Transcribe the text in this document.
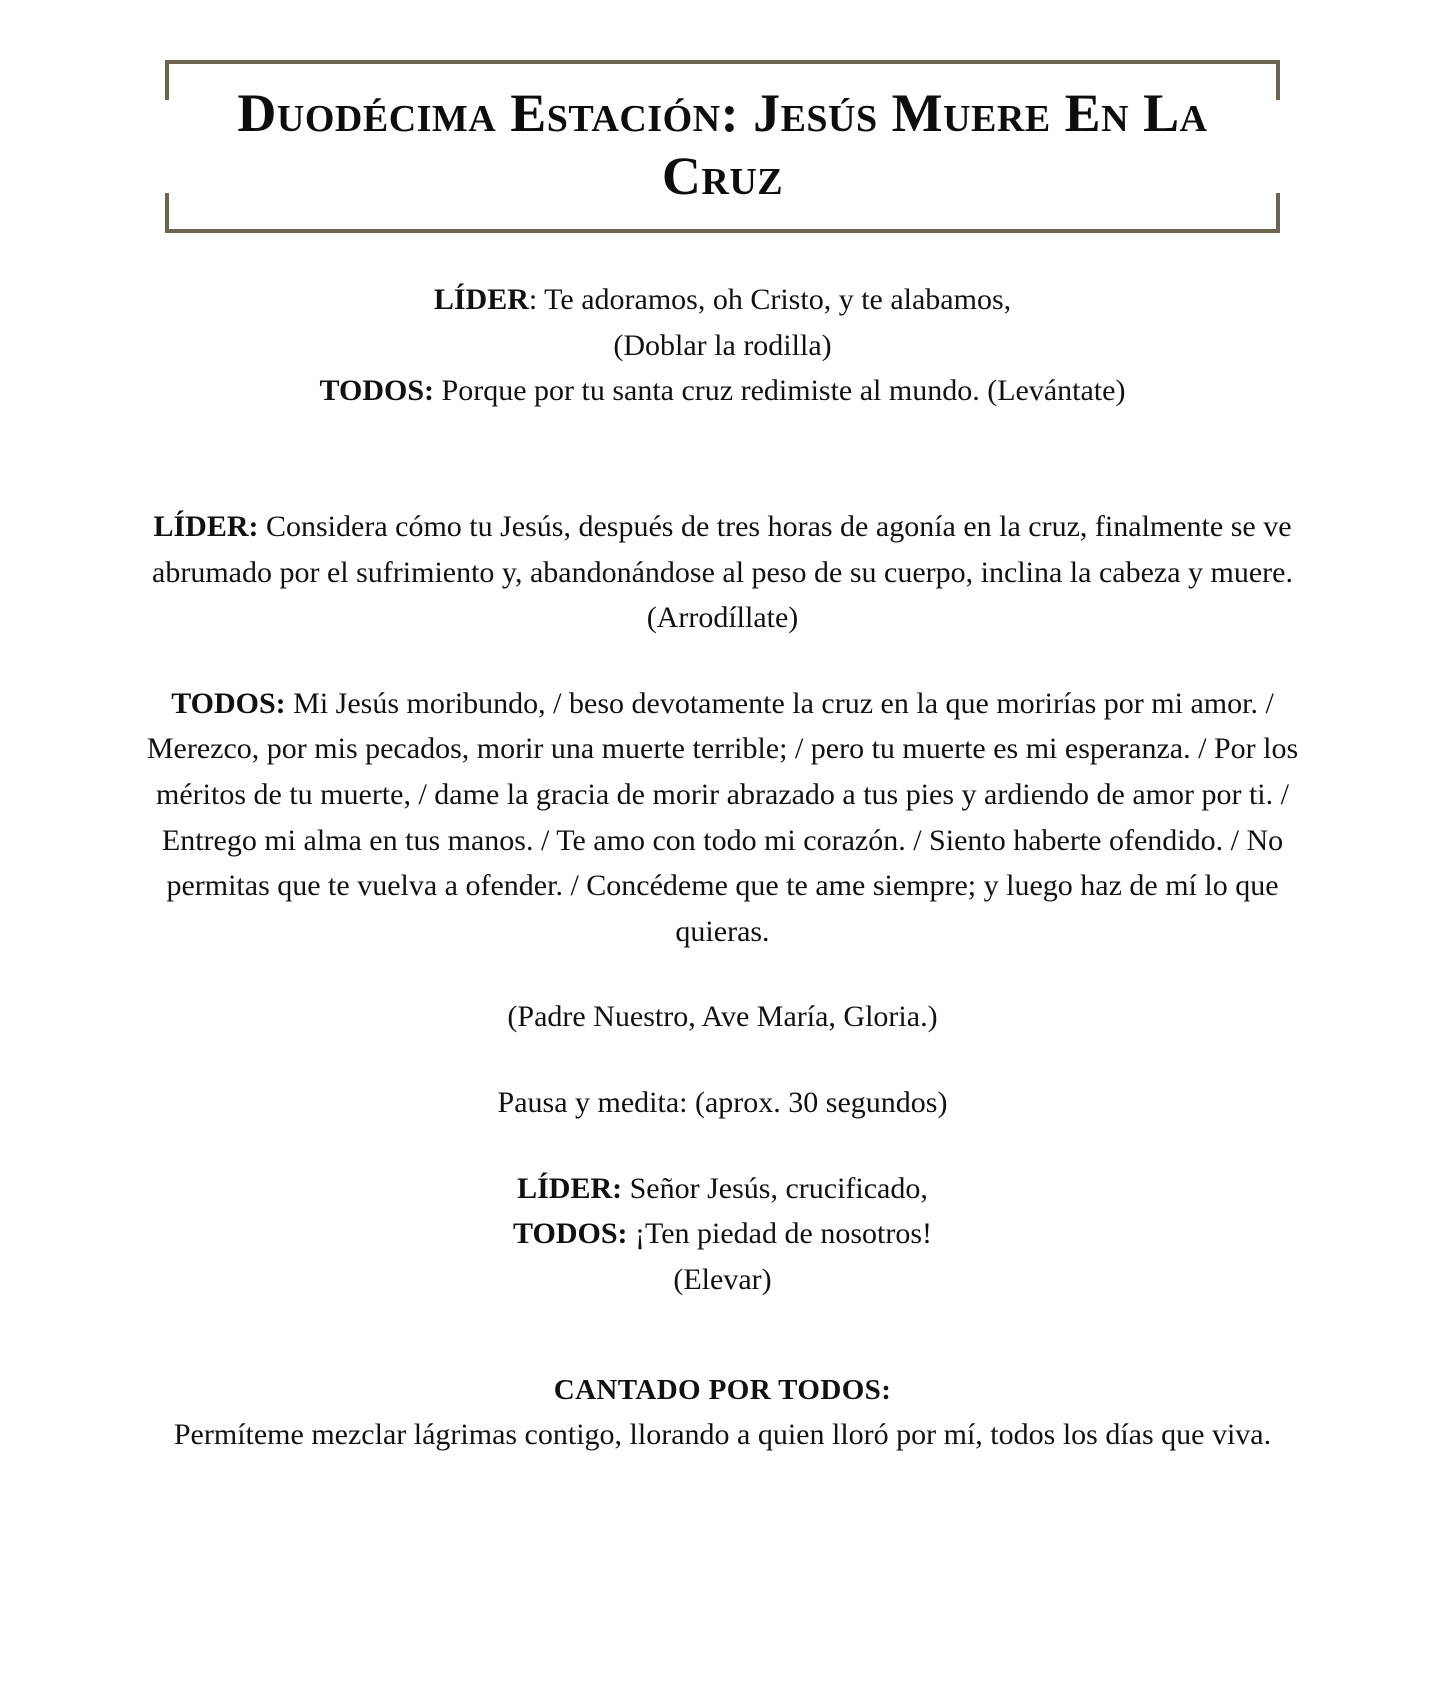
Duodécima Estación: Jesús Muere En La Cruz

LÍDER: Te adoramos, oh Cristo, y te alabamos,

(Doblar la rodilla)

TODOS: Porque por tu santa cruz redimiste al mundo. (Levántate)

LÍDER: Considera cómo tu Jesús, después de tres horas de agonía en la cruz, finalmente se ve abrumado por el sufrimiento y, abandonándose al peso de su cuerpo, inclina la cabeza y muere. (Arrodíllate)

TODOS: Mi Jesús moribundo, / beso devotamente la cruz en la que morirías por mi amor. / Merezco, por mis pecados, morir una muerte terrible; / pero tu muerte es mi esperanza. / Por los méritos de tu muerte, / dame la gracia de morir abrazado a tus pies y ardiendo de amor por ti. / Entrego mi alma en tus manos. / Te amo con todo mi corazón. / Siento haberte ofendido. / No permitas que te vuelva a ofender. / Concédeme que te ame siempre; y luego haz de mí lo que quieras.

(Padre Nuestro, Ave María, Gloria.)

Pausa y medita: (aprox. 30 segundos)

LÍDER: Señor Jesús, crucificado,

TODOS: ¡Ten piedad de nosotros!

(Elevar)

CANTADO POR TODOS:

Permíteme mezclar lágrimas contigo, llorando a quien lloró por mí, todos los días que viva.
